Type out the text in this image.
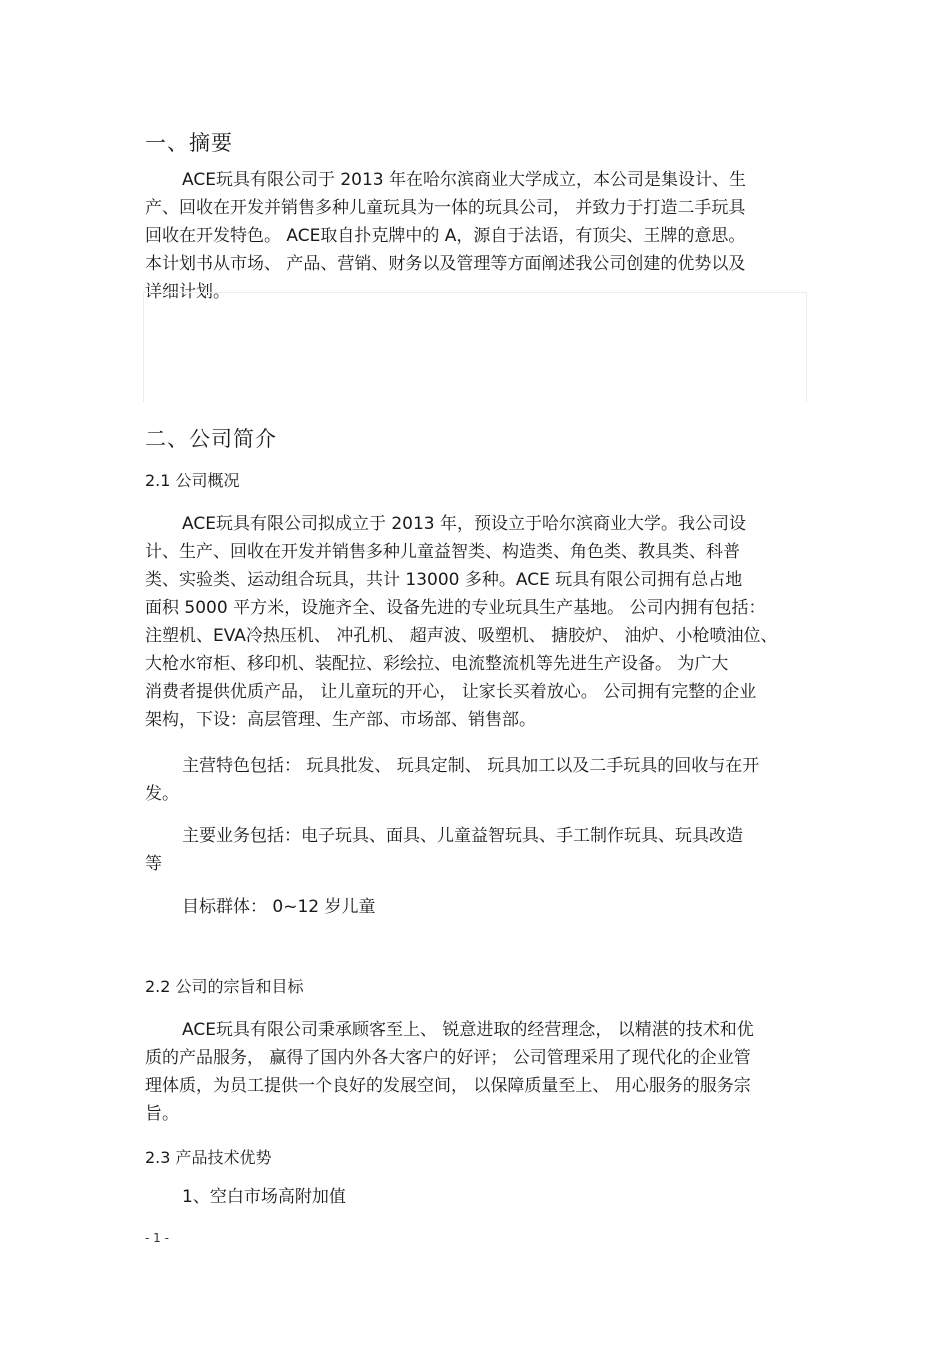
一、摘要
ACE玩具有限公司于 2013 年在哈尔滨商业大学成立，本公司是集设计、生
产、回收在开发并销售多种儿童玩具为一体的玩具公司， 并致力于打造二手玩具
回收在开发特色。 ACE取自扑克牌中的 A，源自于法语，有顶尖、王牌的意思。
本计划书从市场、 产品、营销、财务以及管理等方面阐述我公司创建的优势以及
详细计划。
二、公司简介
2.1 公司概况
ACE玩具有限公司拟成立于 2013 年，预设立于哈尔滨商业大学。我公司设
计、生产、回收在开发并销售多种儿童益智类、构造类、角色类、教具类、科普
类、实验类、运动组合玩具，共计 13000 多种。ACE 玩具有限公司拥有总占地
面积 5000 平方米，设施齐全、设备先进的专业玩具生产基地。 公司内拥有包括：
注塑机、EVA冷热压机、 冲孔机、 超声波、吸塑机、 搪胶炉、 油炉、小枪喷油位、
大枪水帘柜、移印机、装配拉、彩绘拉、电流整流机等先进生产设备。 为广大
消费者提供优质产品， 让儿童玩的开心， 让家长买着放心。 公司拥有完整的企业
架构，下设：高层管理、生产部、市场部、销售部。
主营特色包括： 玩具批发、 玩具定制、 玩具加工以及二手玩具的回收与在开
发。
主要业务包括：电子玩具、面具、儿童益智玩具、手工制作玩具、玩具改造
等
目标群体： 0~12 岁儿童
2.2 公司的宗旨和目标
ACE玩具有限公司秉承顾客至上、 锐意进取的经营理念， 以精湛的技术和优
质的产品服务， 赢得了国内外各大客户的好评； 公司管理采用了现代化的企业管
理体质，为员工提供一个良好的发展空间， 以保障质量至上、 用心服务的服务宗
旨。
2.3 产品技术优势
1、空白市场高附加值
- 1 -
